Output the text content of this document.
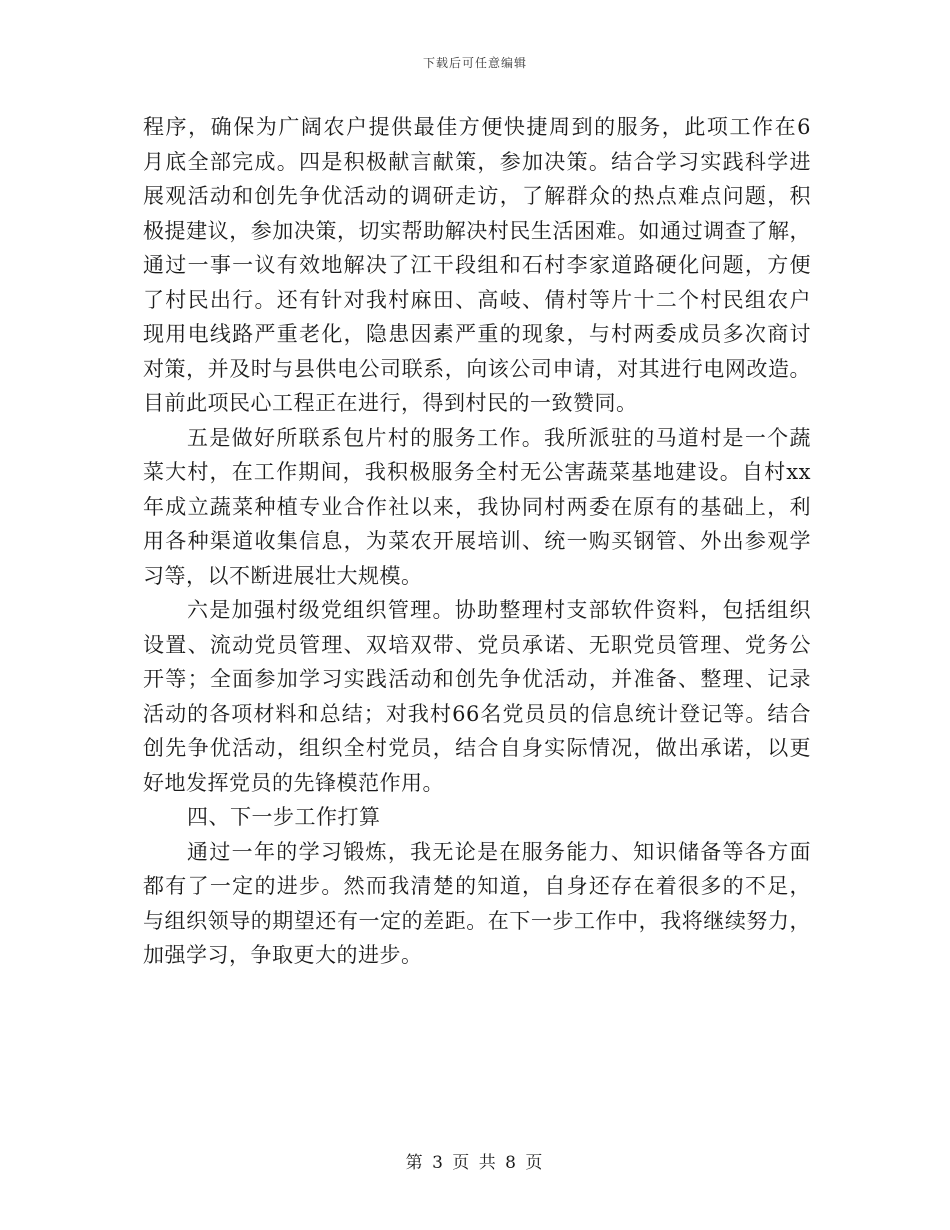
下载后可任意编辑
程序，确保为广阔农户提供最佳方便快捷周到的服务，此项工作在6
月底全部完成。四是积极献言献策，参加决策。结合学习实践科学进
展观活动和创先争优活动的调研走访，了解群众的热点难点问题，积
极提建议，参加决策，切实帮助解决村民生活困难。如通过调查了解，
通过一事一议有效地解决了江干段组和石村李家道路硬化问题，方便
了村民出行。还有针对我村麻田、高岐、倩村等片十二个村民组农户
现用电线路严重老化，隐患因素严重的现象，与村两委成员多次商讨
对策，并及时与县供电公司联系，向该公司申请，对其进行电网改造。
目前此项民心工程正在进行，得到村民的一致赞同。
五是做好所联系包片村的服务工作。我所派驻的马道村是一个蔬
菜大村，在工作期间，我积极服务全村无公害蔬菜基地建设。自村xx
年成立蔬菜种植专业合作社以来，我协同村两委在原有的基础上，利
用各种渠道收集信息，为菜农开展培训、统一购买钢管、外出参观学
习等，以不断进展壮大规模。
六是加强村级党组织管理。协助整理村支部软件资料，包括组织
设置、流动党员管理、双培双带、党员承诺、无职党员管理、党务公
开等；全面参加学习实践活动和创先争优活动，并准备、整理、记录
活动的各项材料和总结；对我村66名党员员的信息统计登记等。结合
创先争优活动，组织全村党员，结合自身实际情况，做出承诺，以更
好地发挥党员的先锋模范作用。
四、下一步工作打算
通过一年的学习锻炼，我无论是在服务能力、知识储备等各方面
都有了一定的进步。然而我清楚的知道，自身还存在着很多的不足，
与组织领导的期望还有一定的差距。在下一步工作中，我将继续努力，
加强学习，争取更大的进步。
第 3 页 共 8 页
